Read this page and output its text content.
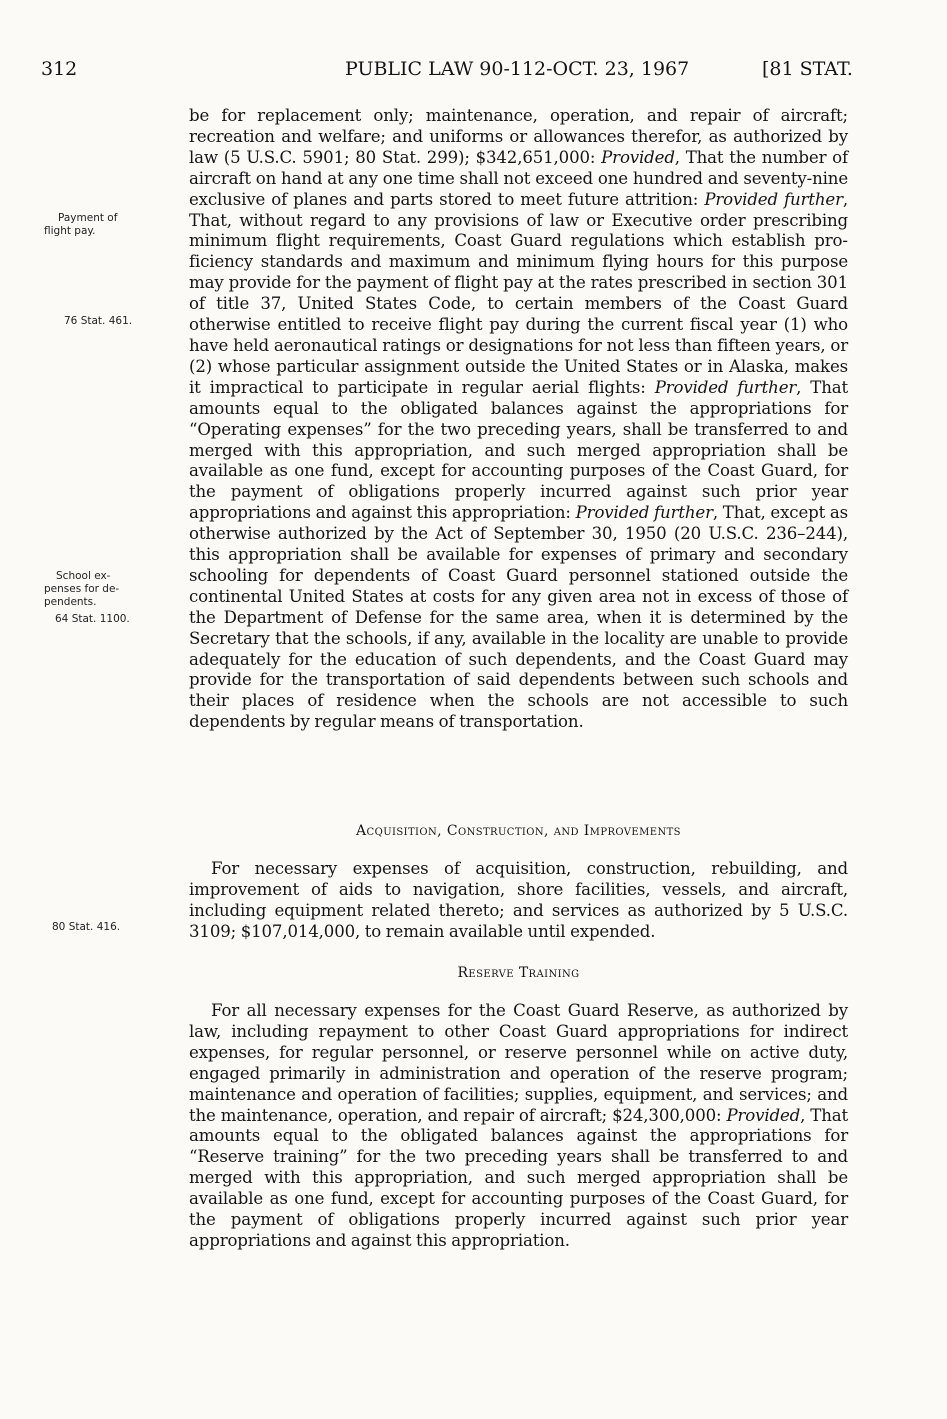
312	PUBLIC LAW 90-112-OCT. 23, 1967	[81 STAT.
Payment of
flight pay.
76 Stat. 461.
School ex-
penses for de-
pendents.
64 Stat. 1100.
80 Stat. 416.

be for replacement only; maintenance, operation, and repair of aircraft; recreation and welfare; and uniforms or allowances therefor, as authorized by law (5 U.S.C. 5901; 80 Stat. 299); $342,651,000: Provided, That the number of aircraft on hand at any one time shall not exceed one hundred and seventy-nine exclusive of planes and parts stored to meet future attrition: Provided further, That, without regard to any provisions of law or Executive order prescribing minimum flight requirements, Coast Guard regulations which establish proficiency standards and maximum and minimum flying hours for this purpose may provide for the payment of flight pay at the rates prescribed in section 301 of title 37, United States Code, to certain members of the Coast Guard otherwise entitled to receive flight pay during the current fiscal year (1) who have held aeronautical ratings or designations for not less than fifteen years, or (2) whose particular assignment outside the United States or in Alaska, makes it impractical to participate in regular aerial flights: Provided further, That amounts equal to the obligated balances against the appropriations for “Operating expenses” for the two preceding years, shall be transferred to and merged with this appropriation, and such merged appropriation shall be available as one fund, except for accounting purposes of the Coast Guard, for the payment of obligations properly incurred against such prior year appropriations and against this appropriation: Provided further, That, except as otherwise authorized by the Act of September 30, 1950 (20 U.S.C. 236–244), this appropriation shall be available for expenses of primary and secondary schooling for dependents of Coast Guard personnel stationed outside the continental United States at costs for any given area not in excess of those of the Department of Defense for the same area, when it is determined by the Secretary that the schools, if any, available in the locality are unable to provide adequately for the education of such dependents, and the Coast Guard may provide for the transportation of said dependents between such schools and their places of residence when the schools are not accessible to such dependents by regular means of transportation.

Acquisition, Construction, and Improvements

For necessary expenses of acquisition, construction, rebuilding, and improvement of aids to navigation, shore facilities, vessels, and aircraft, including equipment related thereto; and services as authorized by 5 U.S.C. 3109; $107,014,000, to remain available until expended.

Reserve Training

For all necessary expenses for the Coast Guard Reserve, as authorized by law, including repayment to other Coast Guard appropriations for indirect expenses, for regular personnel, or reserve personnel while on active duty, engaged primarily in administration and operation of the reserve program; maintenance and operation of facilities; supplies, equipment, and services; and the maintenance, operation, and repair of aircraft; $24,300,000: Provided, That amounts equal to the obligated balances against the appropriations for “Reserve training” for the two preceding years shall be transferred to and merged with this appropriation, and such merged appropriation shall be available as one fund, except for accounting purposes of the Coast Guard, for the payment of obligations properly incurred against such prior year appropriations and against this appropriation.
